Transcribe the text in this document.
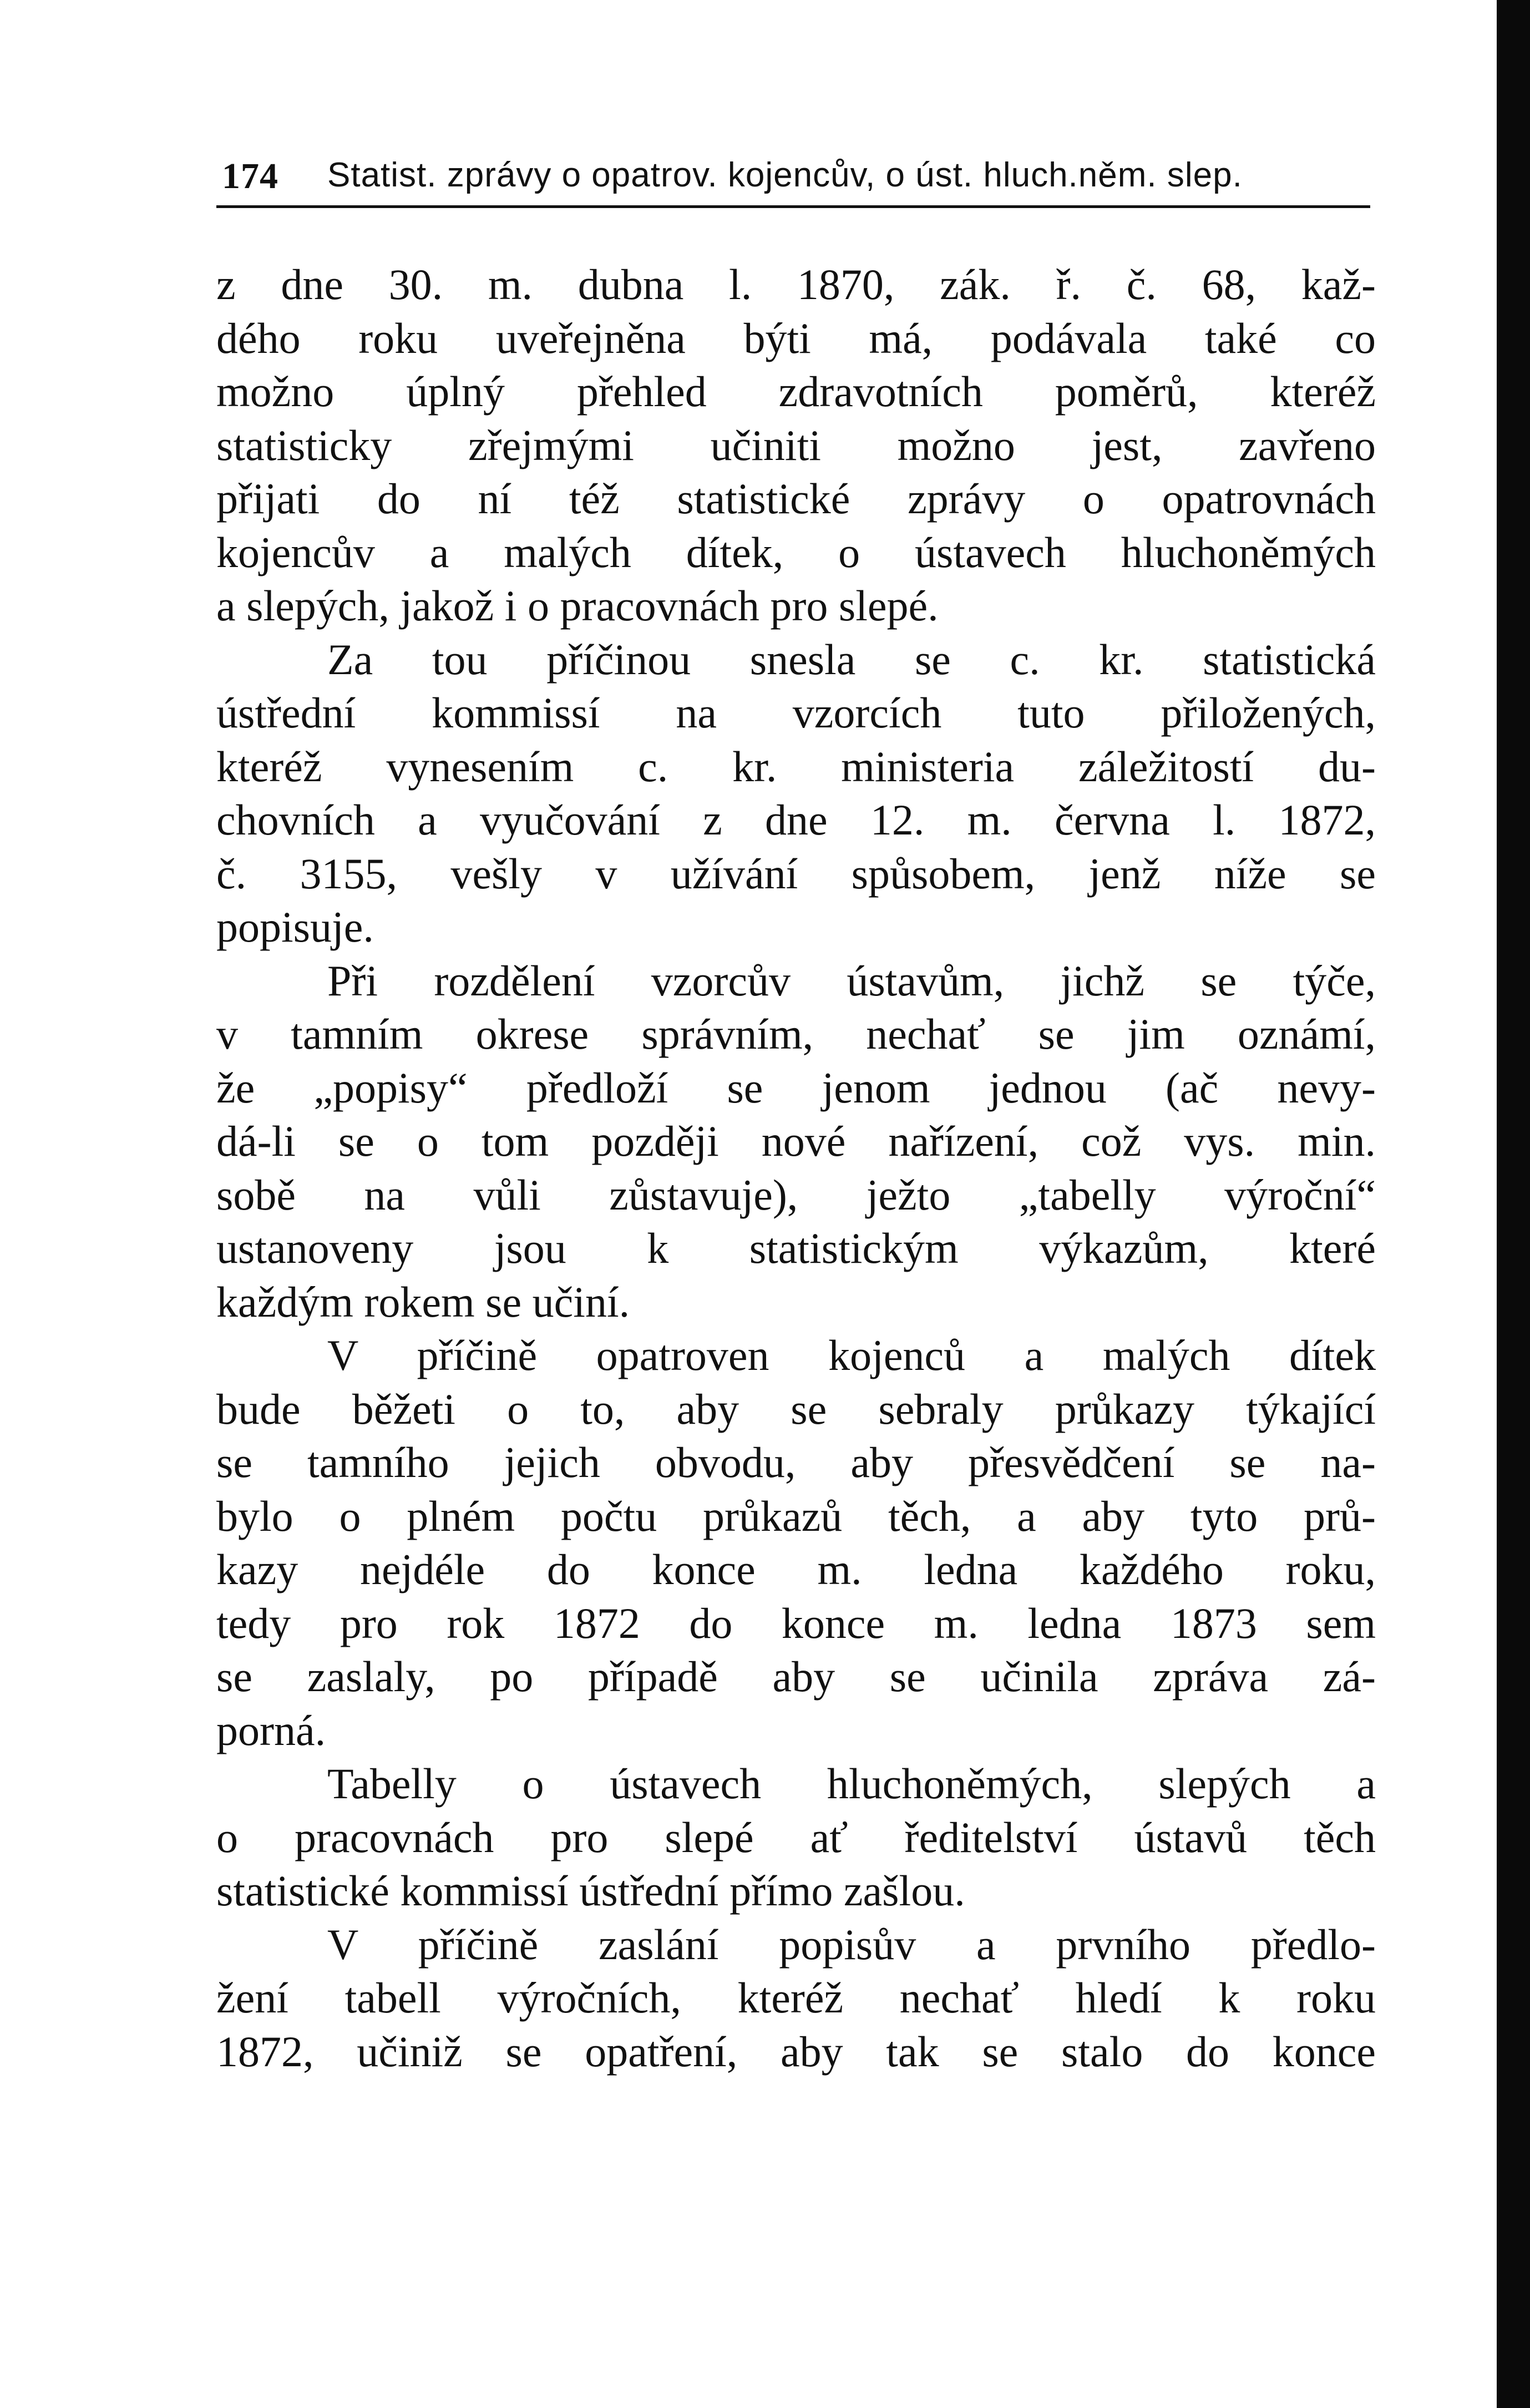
174 Statist. zprávy o opatrov. kojencův, o úst. hluch.něm. slep.

z dne 30. m. dubna l. 1870, zák. ř. č. 68, kaž-
dého roku uveřejněna býti má, podávala také co
možno úplný přehled zdravotních poměrů, kteréž
statisticky zřejmými učiniti možno jest, zavřeno
přijati do ní též statistické zprávy o opatrovnách
kojencův a malých dítek, o ústavech hluchoněmých
a slepých, jakož i o pracovnách pro slepé.

Za tou příčinou snesla se c. kr. statistická
ústřední kommissí na vzorcích tuto přiložených,
kteréž vynesením c. kr. ministeria záležitostí du-
chovních a vyučování z dne 12. m. června l. 1872,
č. 3155, vešly v užívání spůsobem, jenž níže se
popisuje.

Při rozdělení vzorcův ústavům, jichž se týče,
v tamním okrese správním, nechať se jim oznámí,
že „popisy“ předloží se jenom jednou (ač nevy-
dá-li se o tom později nové nařízení, což vys. min.
sobě na vůli zůstavuje), ježto „tabelly výroční“
ustanoveny jsou k statistickým výkazům, které
každým rokem se učiní.

V příčině opatroven kojenců a malých dítek
bude běžeti o to, aby se sebraly průkazy týkající
se tamního jejich obvodu, aby přesvědčení se na-
bylo o plném počtu průkazů těch, a aby tyto prů-
kazy nejdéle do konce m. ledna každého roku,
tedy pro rok 1872 do konce m. ledna 1873 sem
se zaslaly, po případě aby se učinila zpráva zá-
porná.

Tabelly o ústavech hluchoněmých, slepých a
o pracovnách pro slepé ať ředitelství ústavů těch
statistické kommissí ústřední přímo zašlou.

V příčině zaslání popisův a prvního předlo-
žení tabell výročních, kteréž nechať hledí k roku
1872, učiniž se opatření, aby tak se stalo do konce
